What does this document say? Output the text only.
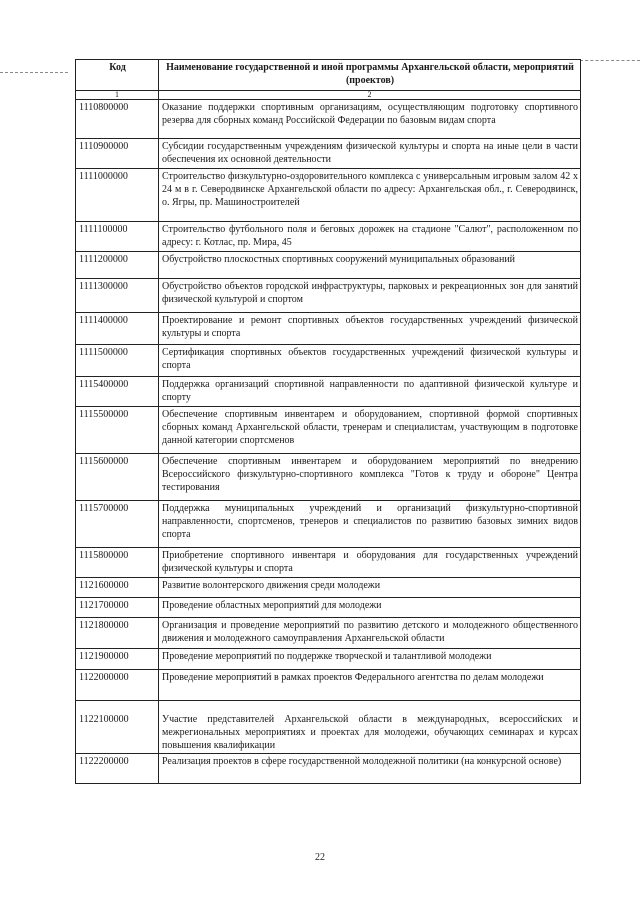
Код	Наименование государственной и иной программы Архангельской области, мероприятий (проектов)
1	2
1110800000	Оказание поддержки спортивным организациям, осуществляющим подготовку спортивного резерва для сборных команд Российской Федерации по базовым видам спорта
1110900000	Субсидии государственным учреждениям физической культуры и спорта на иные цели в части обеспечения их основной деятельности
1111000000	Строительство физкультурно-оздоровительного комплекса с универсальным игровым залом 42 х 24 м в г. Северодвинске Архангельской области по адресу: Архангельская обл., г. Северодвинск, о. Ягры, пр. Машиностроителей
1111100000	Строительство футбольного поля и беговых дорожек на стадионе "Салют", расположенном по адресу: г. Котлас, пр. Мира, 45
1111200000	Обустройство плоскостных спортивных сооружений муниципальных образований
1111300000	Обустройство объектов городской инфраструктуры, парковых и рекреационных зон для занятий физической культурой и спортом
1111400000	Проектирование и ремонт спортивных объектов государственных учреждений физической культуры и спорта
1111500000	Сертификация спортивных объектов государственных учреждений физической культуры и спорта
1115400000	Поддержка организаций спортивной направленности по адаптивной физической культуре и спорту
1115500000	Обеспечение спортивным инвентарем и оборудованием, спортивной формой спортивных сборных команд Архангельской области, тренерам и специалистам, участвующим в подготовке данной категории спортсменов
1115600000	Обеспечение спортивным инвентарем и оборудованием мероприятий по внедрению Всероссийского физкультурно-спортивного комплекса "Готов к труду и обороне" Центра тестирования
1115700000	Поддержка муниципальных учреждений и организаций физкультурно-спортивной направленности, спортсменов, тренеров и специалистов по развитию базовых зимних видов спорта
1115800000	Приобретение спортивного инвентаря и оборудования для государственных учреждений физической культуры и спорта
1121600000	Развитие волонтерского движения среди молодежи
1121700000	Проведение областных мероприятий для молодежи
1121800000	Организация и проведение мероприятий по развитию детского и молодежного общественного движения и молодежного самоуправления Архангельской области
1121900000	Проведение мероприятий по поддержке творческой и талантливой молодежи
1122000000	Проведение мероприятий в рамках проектов Федерального агентства по делам молодежи
1122100000	Участие представителей Архангельской области в международных, всероссийских и межрегиональных мероприятиях и проектах для молодежи, обучающих семинарах и курсах повышения квалификации
1122200000	Реализация проектов в сфере государственной молодежной политики (на конкурсной основе)
22
